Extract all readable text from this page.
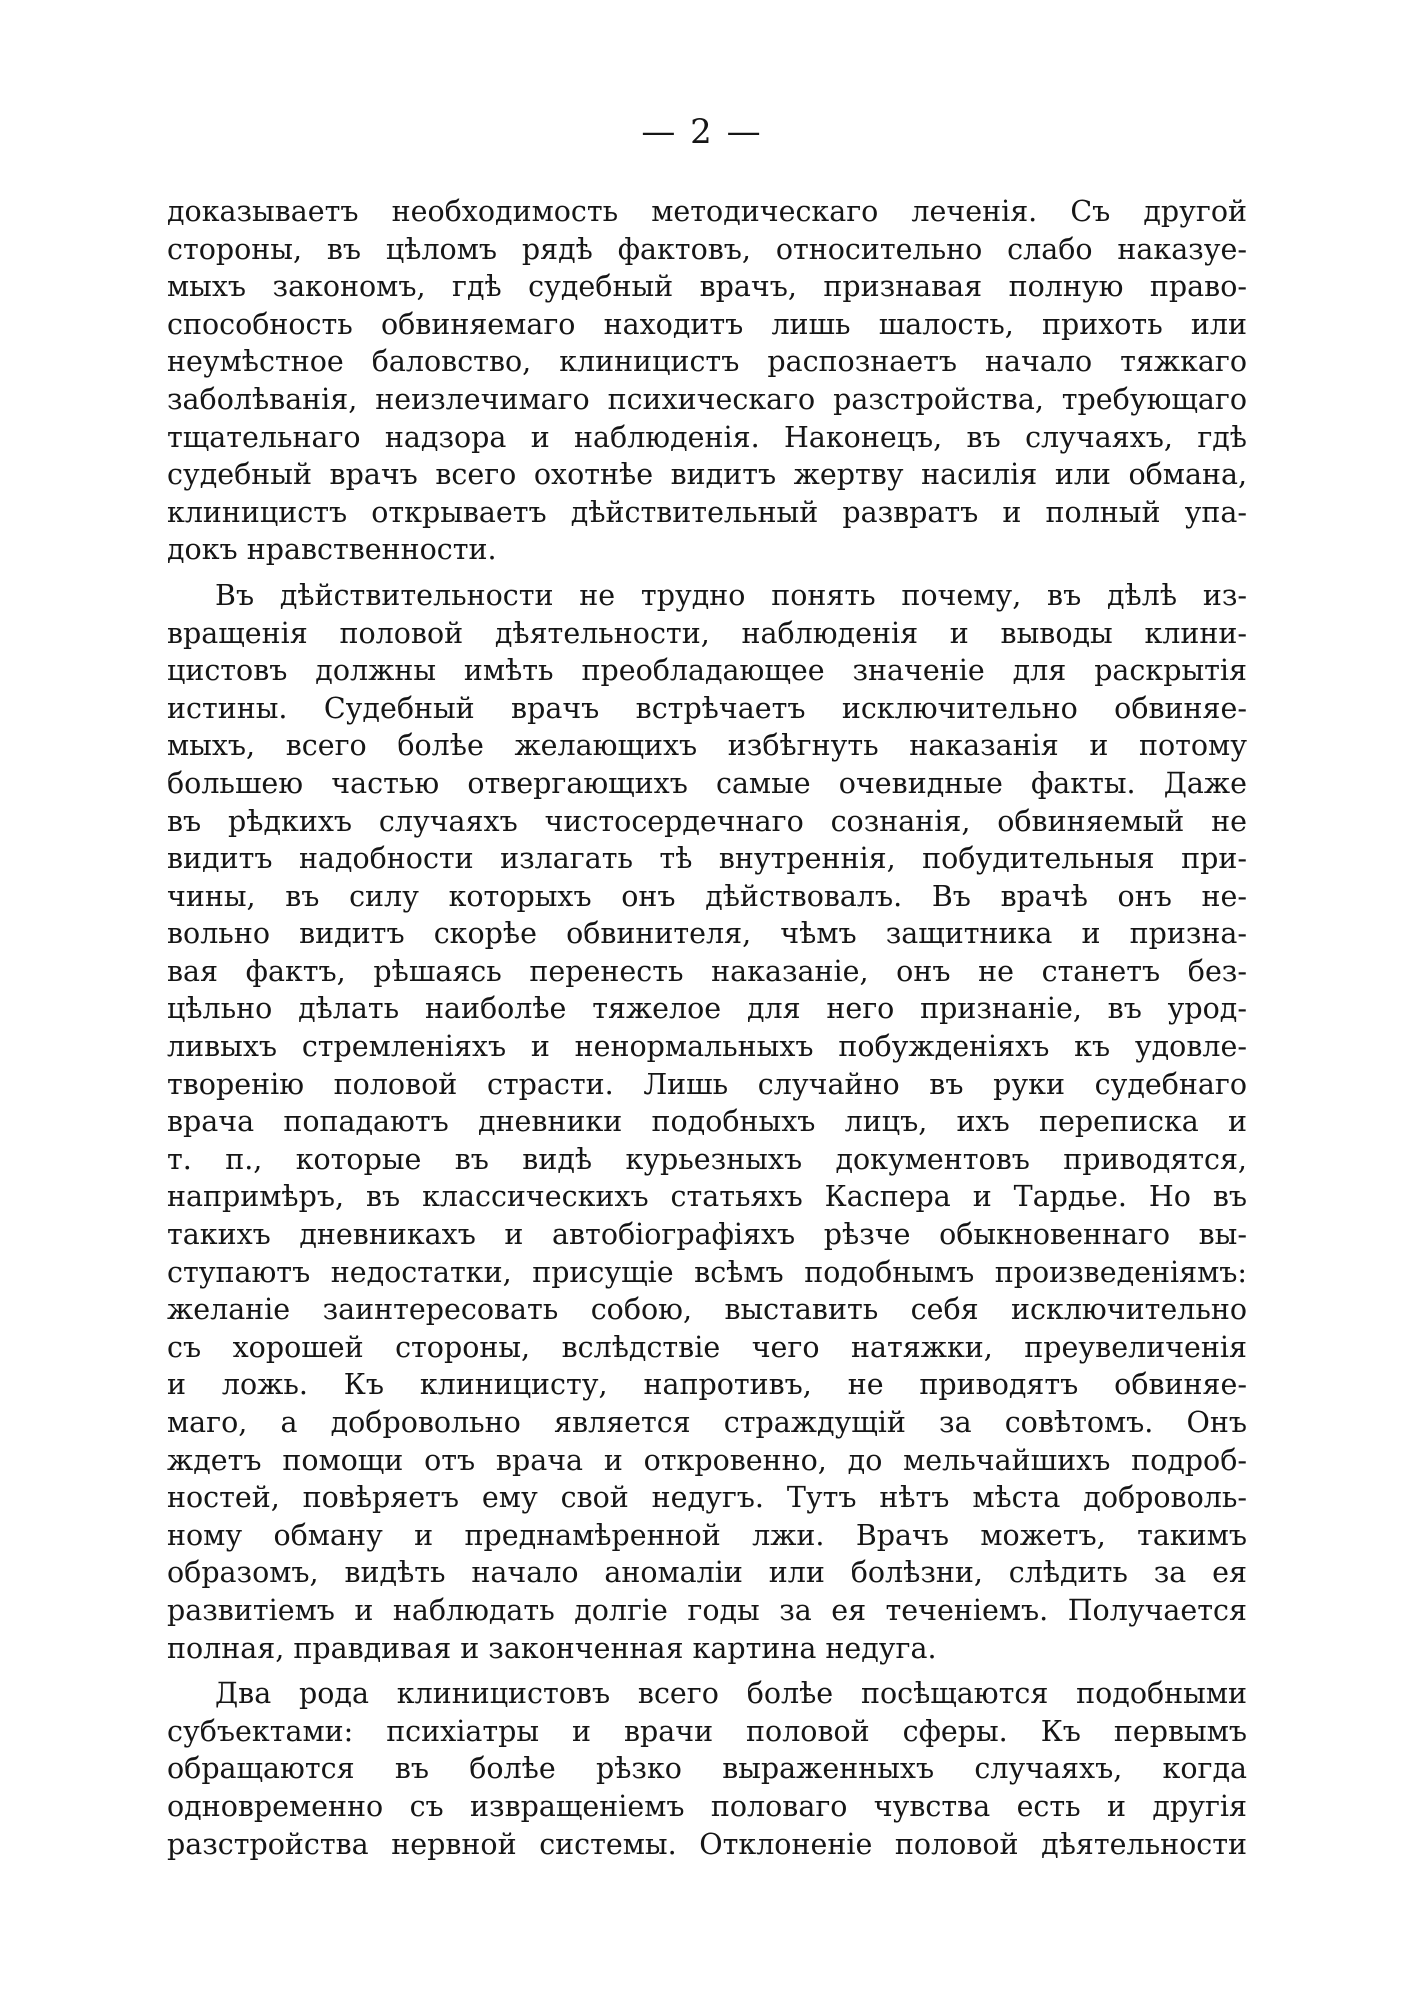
— 2 —
доказываетъ необходимость методическаго леченія. Съ другой
стороны, въ цѣломъ рядѣ фактовъ, относительно слабо наказуе-
мыхъ закономъ, гдѣ судебный врачъ, признавая полную право-
способность обвиняемаго находитъ лишь шалость, прихоть или
неумѣстное баловство, клиницистъ распознаетъ начало тяжкаго
заболѣванія, неизлечимаго психическаго разстройства, требующаго
тщательнаго надзора и наблюденія. Наконецъ, въ случаяхъ, гдѣ
судебный врачъ всего охотнѣе видитъ жертву насилія или обмана,
клиницистъ открываетъ дѣйствительный развратъ и полный упа-
докъ нравственности.
Въ дѣйствительности не трудно понять почему, въ дѣлѣ из-
вращенія половой дѣятельности, наблюденія и выводы клини-
цистовъ должны имѣть преобладающее значеніе для раскрытія
истины. Судебный врачъ встрѣчаетъ исключительно обвиняе-
мыхъ, всего болѣе желающихъ избѣгнуть наказанія и потому
большею частью отвергающихъ самые очевидные факты. Даже
въ рѣдкихъ случаяхъ чистосердечнаго сознанія, обвиняемый не
видитъ надобности излагать тѣ внутреннія, побудительныя при-
чины, въ силу которыхъ онъ дѣйствовалъ. Въ врачѣ онъ не-
вольно видитъ скорѣе обвинителя, чѣмъ защитника и призна-
вая фактъ, рѣшаясь перенесть наказаніе, онъ не станетъ без-
цѣльно дѣлать наиболѣе тяжелое для него признаніе, въ урод-
ливыхъ стремленіяхъ и ненормальныхъ побужденіяхъ къ удовле-
творенію половой страсти. Лишь случайно въ руки судебнаго
врача попадаютъ дневники подобныхъ лицъ, ихъ переписка и
т. п., которые въ видѣ курьезныхъ документовъ приводятся,
напримѣръ, въ классическихъ статьяхъ Каспера и Тардье. Но въ
такихъ дневникахъ и автобіографіяхъ рѣзче обыкновеннаго вы-
ступаютъ недостатки, присущіе всѣмъ подобнымъ произведеніямъ:
желаніе заинтересовать собою, выставить себя исключительно
съ хорошей стороны, вслѣдствіе чего натяжки, преувеличенія
и ложь. Къ клиницисту, напротивъ, не приводятъ обвиняе-
маго, а добровольно является страждущій за совѣтомъ. Онъ
ждетъ помощи отъ врача и откровенно, до мельчайшихъ подроб-
ностей, повѣряетъ ему свой недугъ. Тутъ нѣтъ мѣста доброволь-
ному обману и преднамѣренной лжи. Врачъ можетъ, такимъ
образомъ, видѣть начало аномаліи или болѣзни, слѣдить за ея
развитіемъ и наблюдать долгіе годы за ея теченіемъ. Получается
полная, правдивая и законченная картина недуга.
Два рода клиницистовъ всего болѣе посѣщаются подобными
субъектами: психіатры и врачи половой сферы. Къ первымъ
обращаются въ болѣе рѣзко выраженныхъ случаяхъ, когда
одновременно съ извращеніемъ половаго чувства есть и другія
разстройства нервной системы. Отклоненіе половой дѣятельности
